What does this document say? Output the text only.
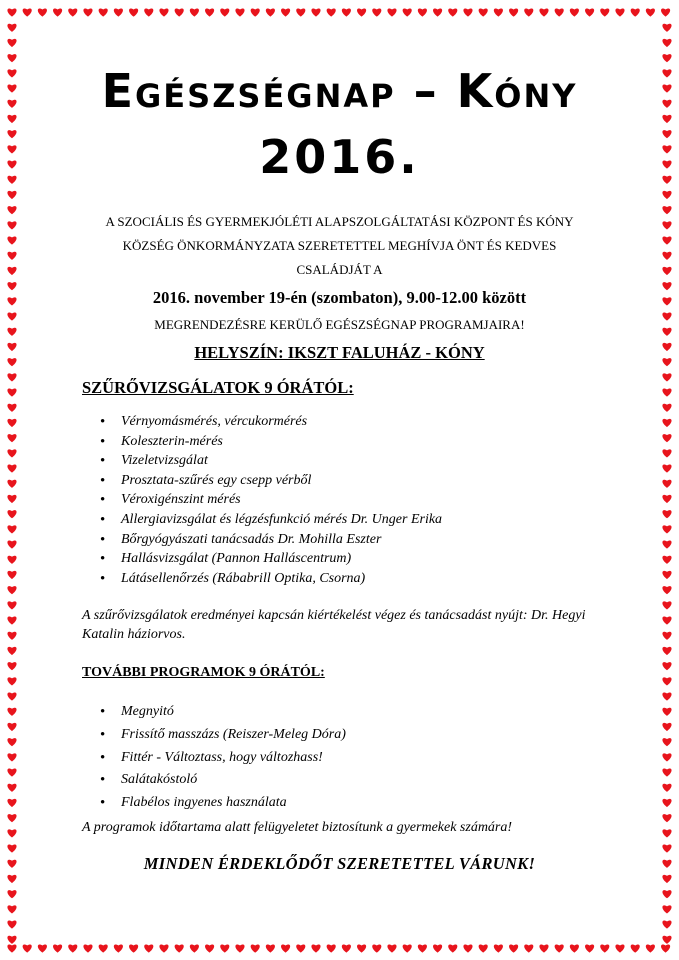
Egészségnap – Kóny
2016.
A SZOCIÁLIS ÉS GYERMEKJÓLÉTI ALAPSZOLGÁLTATÁSI KÖZPONT ÉS KÓNY
KÖZSÉG ÖNKORMÁNYZATA SZERETETTEL MEGHÍVJA ÖNT ÉS KEDVES
CSALÁDJÁT A
2016. november 19-én (szombaton), 9.00-12.00 között
MEGRENDEZÉSRE KERÜLŐ EGÉSZSÉGNAP PROGRAMJAIRA!
HELYSZÍN: IKSZT FALUHÁZ - KÓNY
SZŰRŐVIZSGÁLATOK 9 ÓRÁTÓL:
• Vérnyomásmérés, vércukormérés
• Koleszterin-mérés
• Vizeletvizsgálat
• Prosztata-szűrés egy csepp vérből
• Véroxigénszint mérés
• Allergiavizsgálat és légzésfunkció mérés Dr. Unger Erika
• Bőrgyógyászati tanácsadás Dr. Mohilla Eszter
• Hallásvizsgálat (Pannon Halláscentrum)
• Látásellenőrzés (Rábabrill Optika, Csorna)
A szűrővizsgálatok eredményei kapcsán kiértékelést végez és tanácsadást nyújt: Dr. Hegyi Katalin háziorvos.
TOVÁBBI PROGRAMOK 9 ÓRÁTÓL:
• Megnyitó
• Frissítő masszázs (Reiszer-Meleg Dóra)
• Fittér - Változtass, hogy változhass!
• Salátakóstoló
• Flabélos ingyenes használata
A programok időtartama alatt felügyeletet biztosítunk a gyermekek számára!
MINDEN ÉRDEKLŐDŐT SZERETETTEL VÁRUNK!
